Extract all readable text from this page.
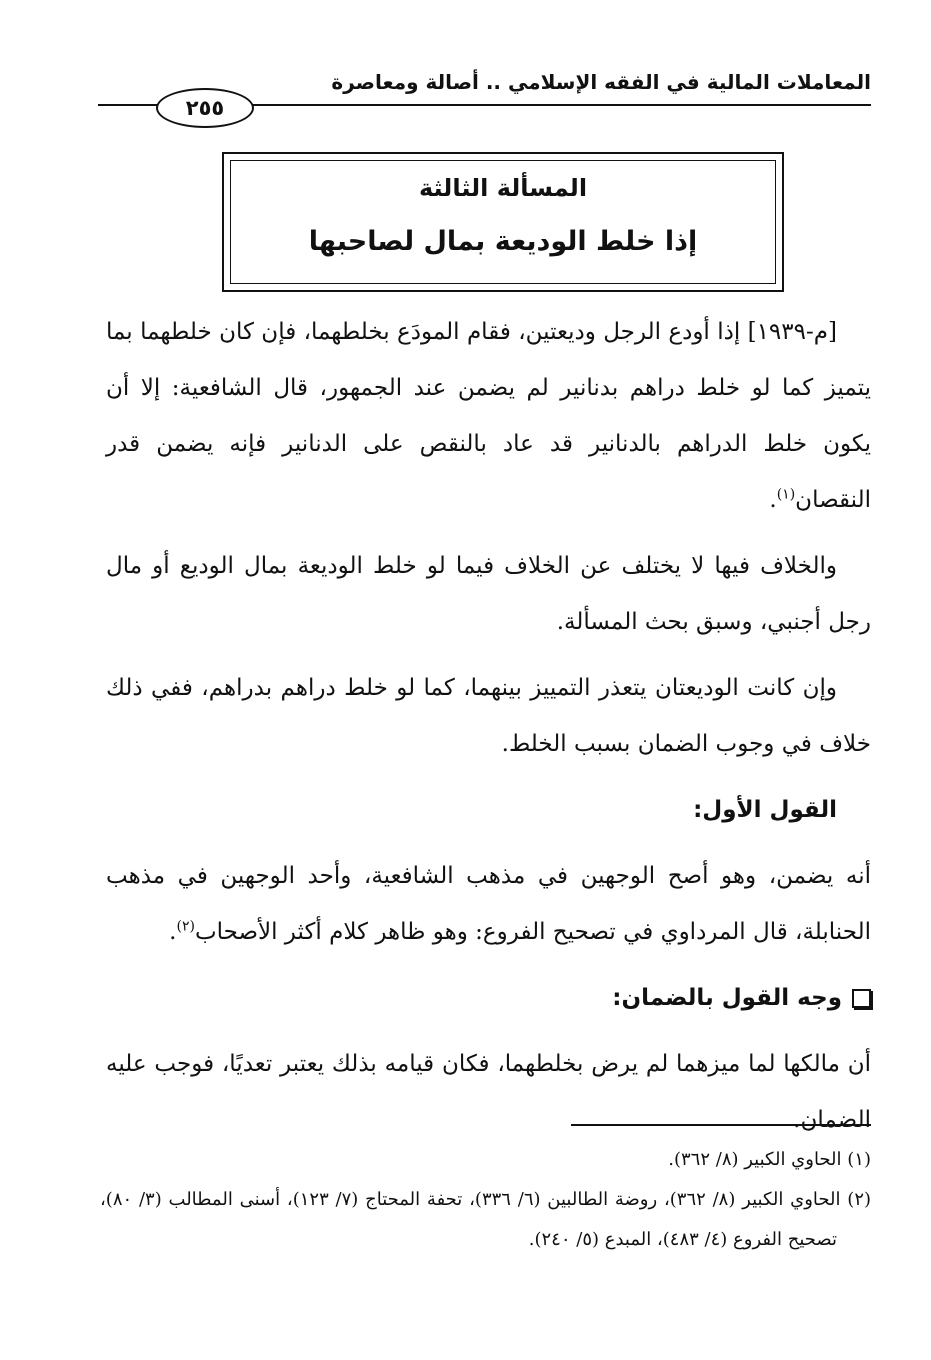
المعاملات المالية في الفقه الإسلامي .. أصالة ومعاصرة
٢٥٥
المسألة الثالثة
إذا خلط الوديعة بمال لصاحبها

[م-١٩٣٩] إذا أودع الرجل وديعتين، فقام المودَع بخلطهما، فإن كان خلطهما بما يتميز كما لو خلط دراهم بدنانير لم يضمن عند الجمهور، قال الشافعية: إلا أن يكون خلط الدراهم بالدنانير قد عاد بالنقص على الدنانير فإنه يضمن قدر النقصان$^{(١)}$.

والخلاف فيها لا يختلف عن الخلاف فيما لو خلط الوديعة بمال الوديع أو مال رجل أجنبي، وسبق بحث المسألة.

وإن كانت الوديعتان يتعذر التمييز بينهما، كما لو خلط دراهم بدراهم، ففي ذلك خلاف في وجوب الضمان بسبب الخلط.

القول الأول:

أنه يضمن، وهو أصح الوجهين في مذهب الشافعية، وأحد الوجهين في مذهب الحنابلة، قال المرداوي في تصحيح الفروع: وهو ظاهر كلام أكثر الأصحاب$^{(٢)}$.

وجه القول بالضمان:

أن مالكها لما ميزهما لم يرض بخلطهما، فكان قيامه بذلك يعتبر تعديًا، فوجب عليه الضمان.

(١) الحاوي الكبير (٨/ ٣٦٢).

(٢) الحاوي الكبير (٨/ ٣٦٢)، روضة الطالبين (٦/ ٣٣٦)، تحفة المحتاج (٧/ ١٢٣)، أسنى المطالب (٣/ ٨٠)، تصحيح الفروع (٤/ ٤٨٣)، المبدع (٥/ ٢٤٠).
